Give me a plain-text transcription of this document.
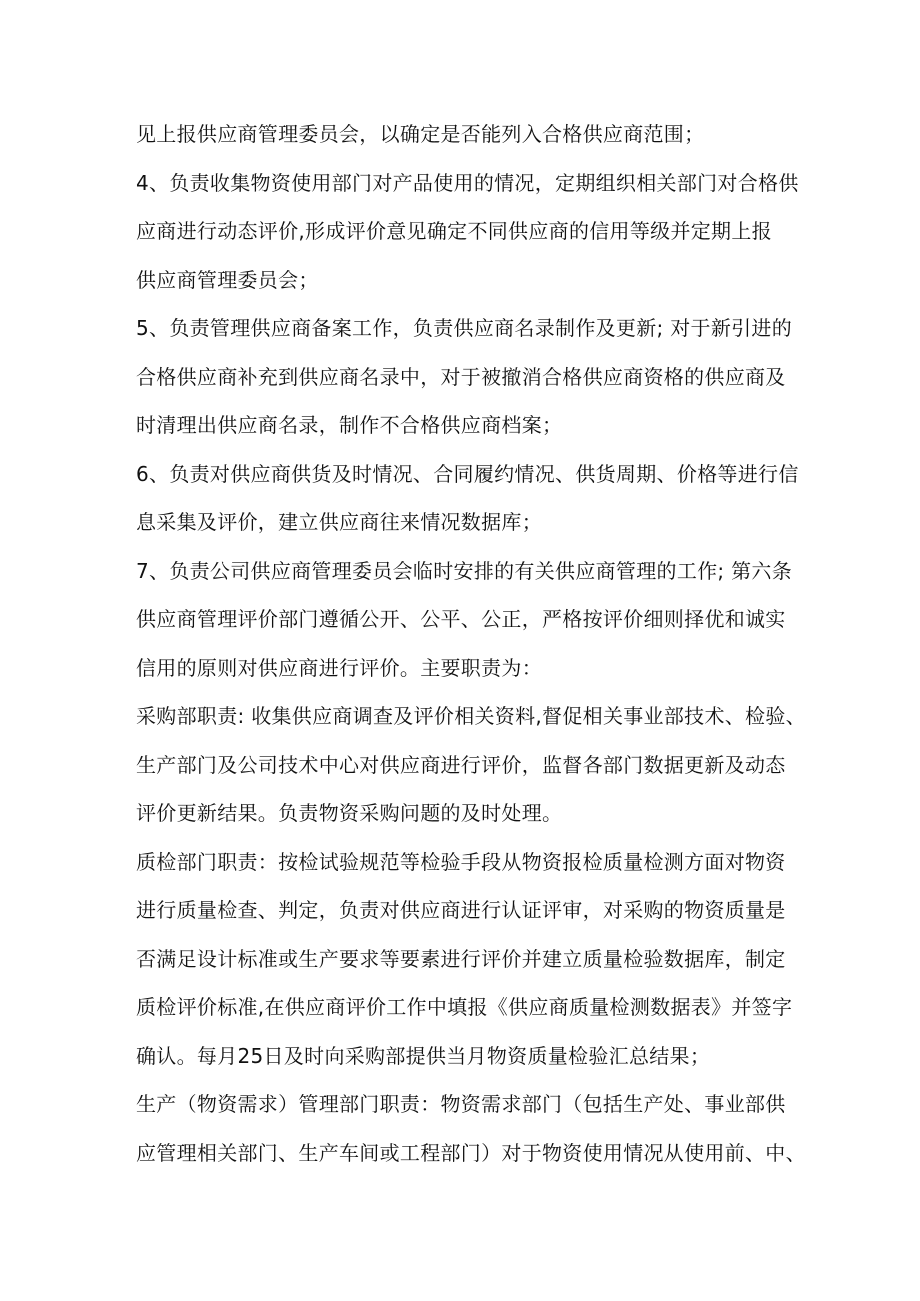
见上报供应商管理委员会，以确定是否能列入合格供应商范围；
4、负责收集物资使用部门对产品使用的情况，定期组织相关部门对合格供
应商进行动态评价,形成评价意见确定不同供应商的信用等级并定期上报
供应商管理委员会；
5、负责管理供应商备案工作，负责供应商名录制作及更新; 对于新引进的
合格供应商补充到供应商名录中，对于被撤消合格供应商资格的供应商及
时清理出供应商名录，制作不合格供应商档案；
6、负责对供应商供货及时情况、合同履约情况、供货周期、价格等进行信
息采集及评价，建立供应商往来情况数据库；
7、负责公司供应商管理委员会临时安排的有关供应商管理的工作; 第六条
供应商管理评价部门遵循公开、公平、公正，严格按评价细则择优和诚实
信用的原则对供应商进行评价。主要职责为：
采购部职责: 收集供应商调查及评价相关资料,督促相关事业部技术、检验、
生产部门及公司技术中心对供应商进行评价，监督各部门数据更新及动态
评价更新结果。负责物资采购问题的及时处理。
质检部门职责：按检试验规范等检验手段从物资报检质量检测方面对物资
进行质量检查、判定，负责对供应商进行认证评审，对采购的物资质量是
否满足设计标准或生产要求等要素进行评价并建立质量检验数据库，制定
质检评价标准,在供应商评价工作中填报《供应商质量检测数据表》并签字
确认。每月25日及时向采购部提供当月物资质量检验汇总结果；
生产（物资需求）管理部门职责：物资需求部门（包括生产处、事业部供
应管理相关部门、生产车间或工程部门）对于物资使用情况从使用前、中、
